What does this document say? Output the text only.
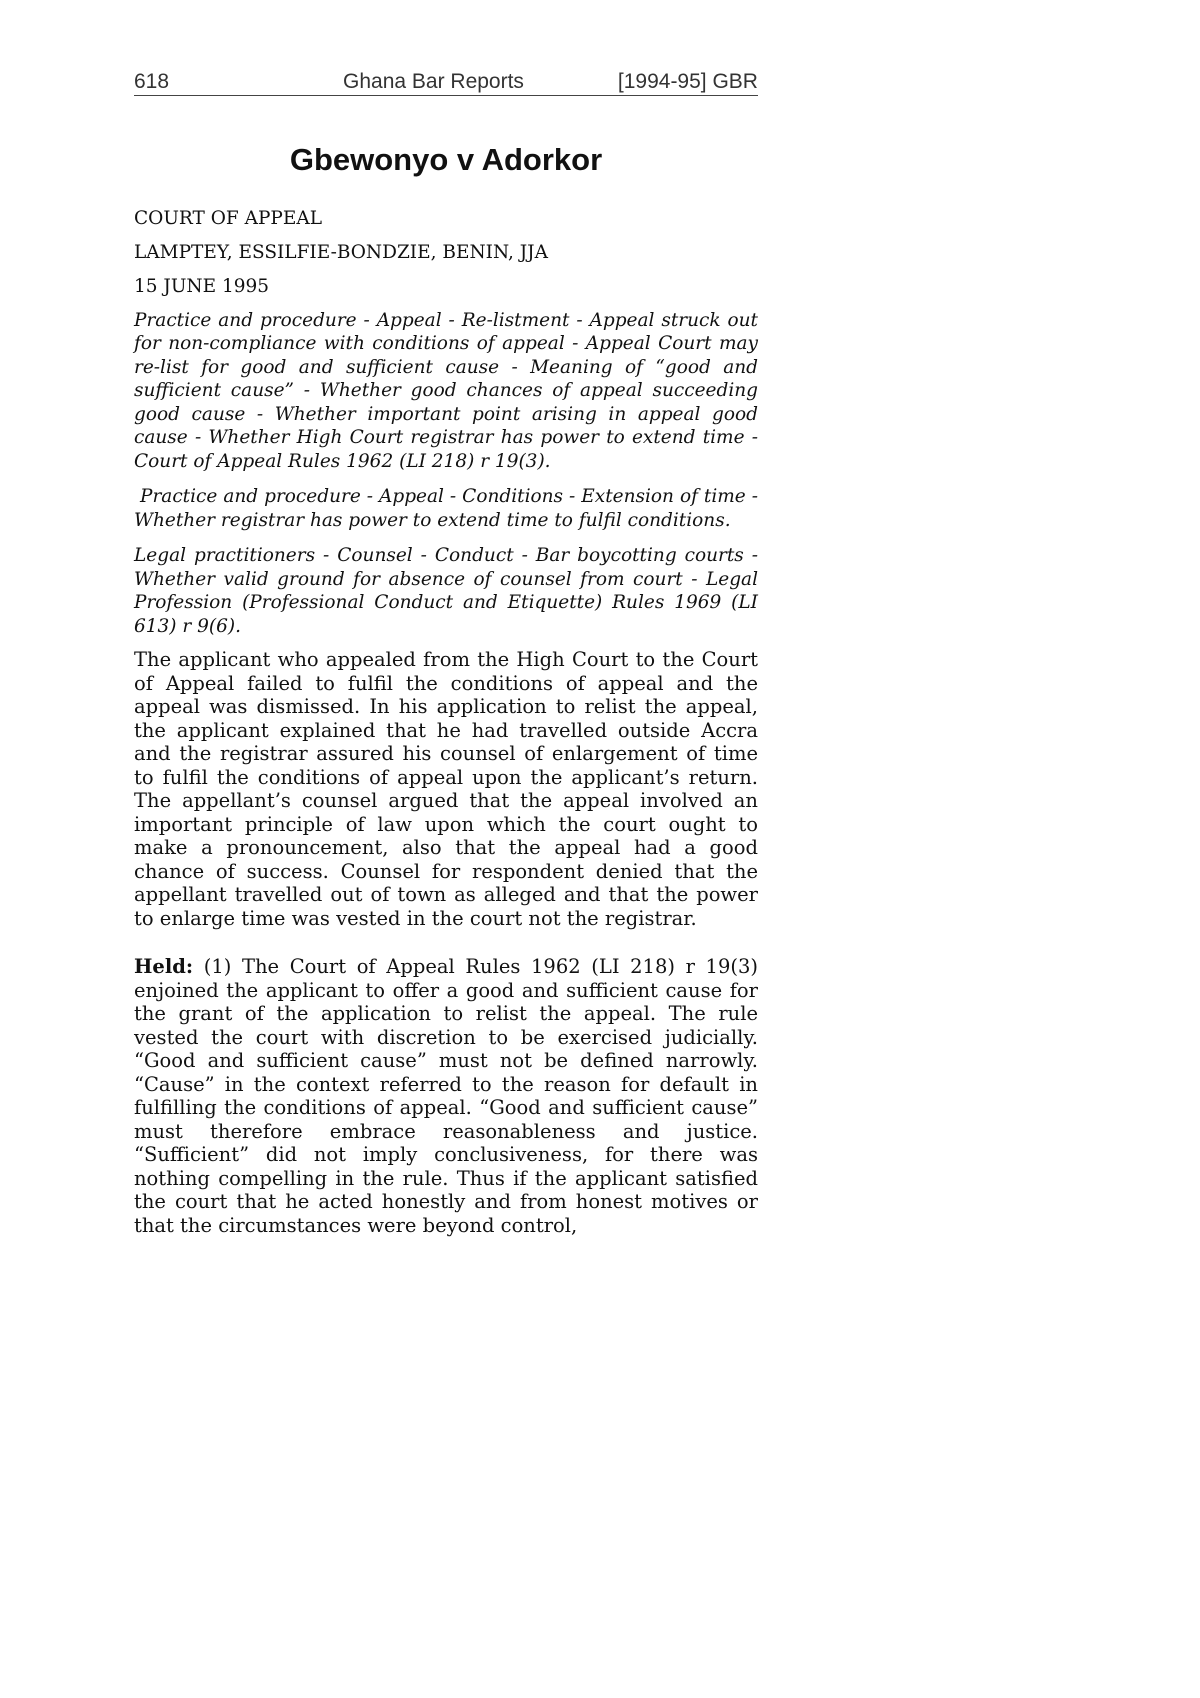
618	Ghana Bar Reports	[1994-95] GBR
Gbewonyo v Adorkor

COURT OF APPEAL

LAMPTEY, ESSILFIE-BONDZIE, BENIN, JJA

15 JUNE 1995

Practice and procedure - Appeal - Re-listment - Appeal struck out for non-compliance with conditions of appeal - Appeal Court may re-list for good and sufficient cause - Meaning of “good and sufficient cause” - Whether good chances of appeal succeeding good cause - Whether important point arising in appeal good cause - Whether High Court registrar has power to extend time -Court of Appeal Rules 1962 (LI 218) r 19(3).

Practice and procedure - Appeal - Conditions - Extension of time - Whether registrar has power to extend time to fulfil conditions.

Legal practitioners - Counsel - Conduct - Bar boycotting courts - Whether valid ground for absence of counsel from court - Legal Profession (Professional Conduct and Etiquette) Rules 1969 (LI 613) r 9(6).

The applicant who appealed from the High Court to the Court of Appeal failed to fulfil the conditions of appeal and the appeal was dismissed. In his application to relist the appeal, the applicant explained that he had travelled outside Accra and the registrar assured his counsel of enlargement of time to fulfil the conditions of appeal upon the applicant’s return. The appellant’s counsel argued that the appeal involved an important principle of law upon which the court ought to make a pronouncement, also that the appeal had a good chance of success. Counsel for respondent denied that the appellant travelled out of town as alleged and that the power to enlarge time was vested in the court not the registrar.

Held: (1) The Court of Appeal Rules 1962 (LI 218) r 19(3) enjoined the applicant to offer a good and sufficient cause for the grant of the application to relist the appeal. The rule vested the court with discretion to be exercised judicially. “Good and sufficient cause” must not be defined narrowly. “Cause” in the context referred to the reason for default in fulfilling the conditions of appeal. “Good and sufficient cause” must therefore embrace reasonableness and justice. “Sufficient” did not imply conclusiveness, for there was nothing compelling in the rule. Thus if the applicant satisfied the court that he acted honestly and from honest motives or that the circumstances were beyond control,
